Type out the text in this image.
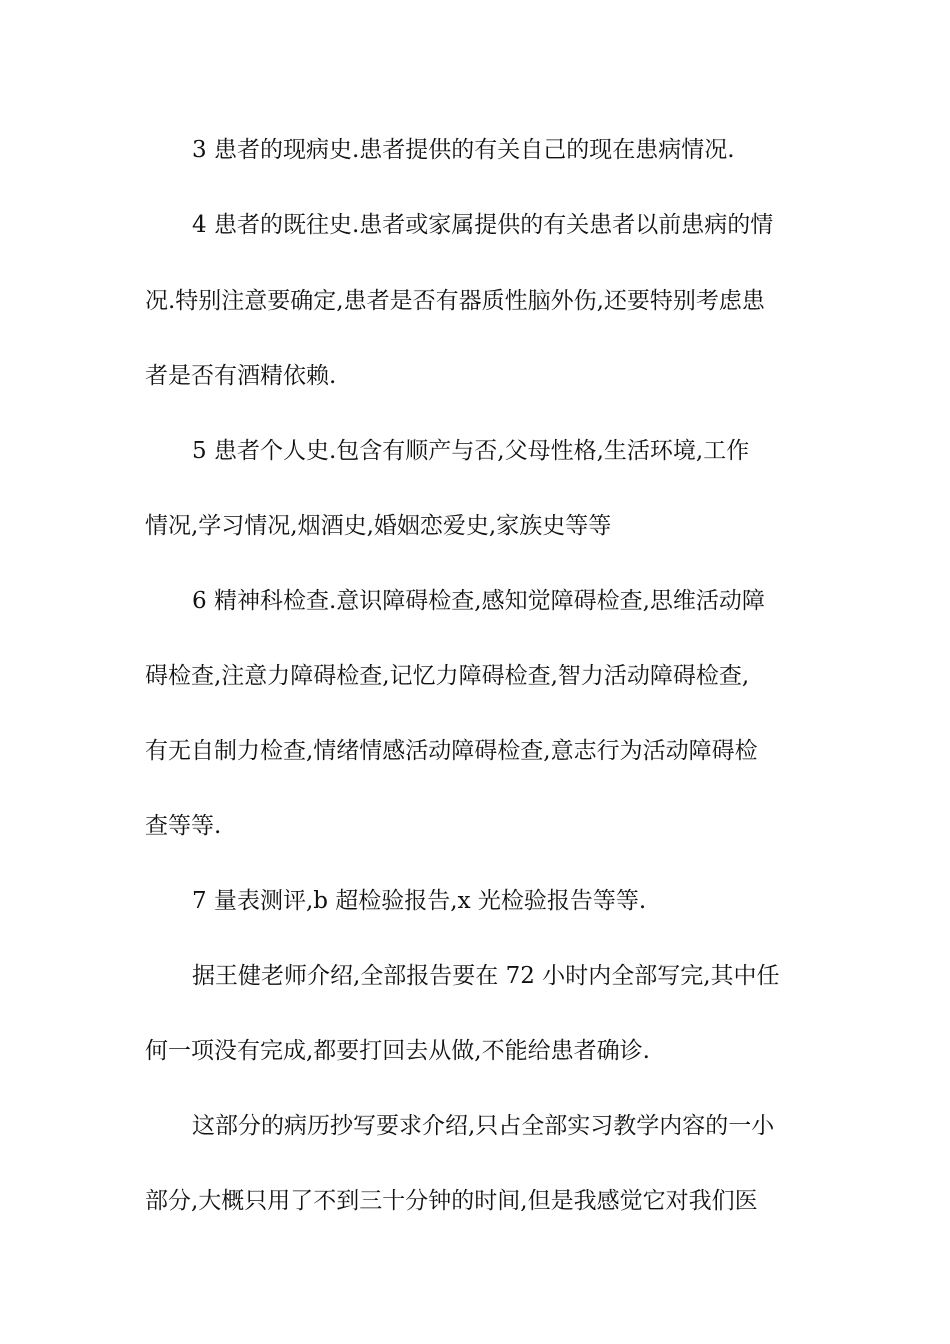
3 患者的现病史.患者提供的有关自己的现在患病情况.
4 患者的既往史.患者或家属提供的有关患者以前患病的情
况.特别注意要确定,患者是否有器质性脑外伤,还要特别考虑患
者是否有酒精依赖.
5 患者个人史.包含有顺产与否,父母性格,生活环境,工作
情况,学习情况,烟酒史,婚姻恋爱史,家族史等等
6 精神科检查.意识障碍检查,感知觉障碍检查,思维活动障
碍检查,注意力障碍检查,记忆力障碍检查,智力活动障碍检查,
有无自制力检查,情绪情感活动障碍检查,意志行为活动障碍检
查等等.
7 量表测评,b 超检验报告,x 光检验报告等等.
据王健老师介绍,全部报告要在 72 小时内全部写完,其中任
何一项没有完成,都要打回去从做,不能给患者确诊.
这部分的病历抄写要求介绍,只占全部实习教学内容的一小
部分,大概只用了不到三十分钟的时间,但是我感觉它对我们医
